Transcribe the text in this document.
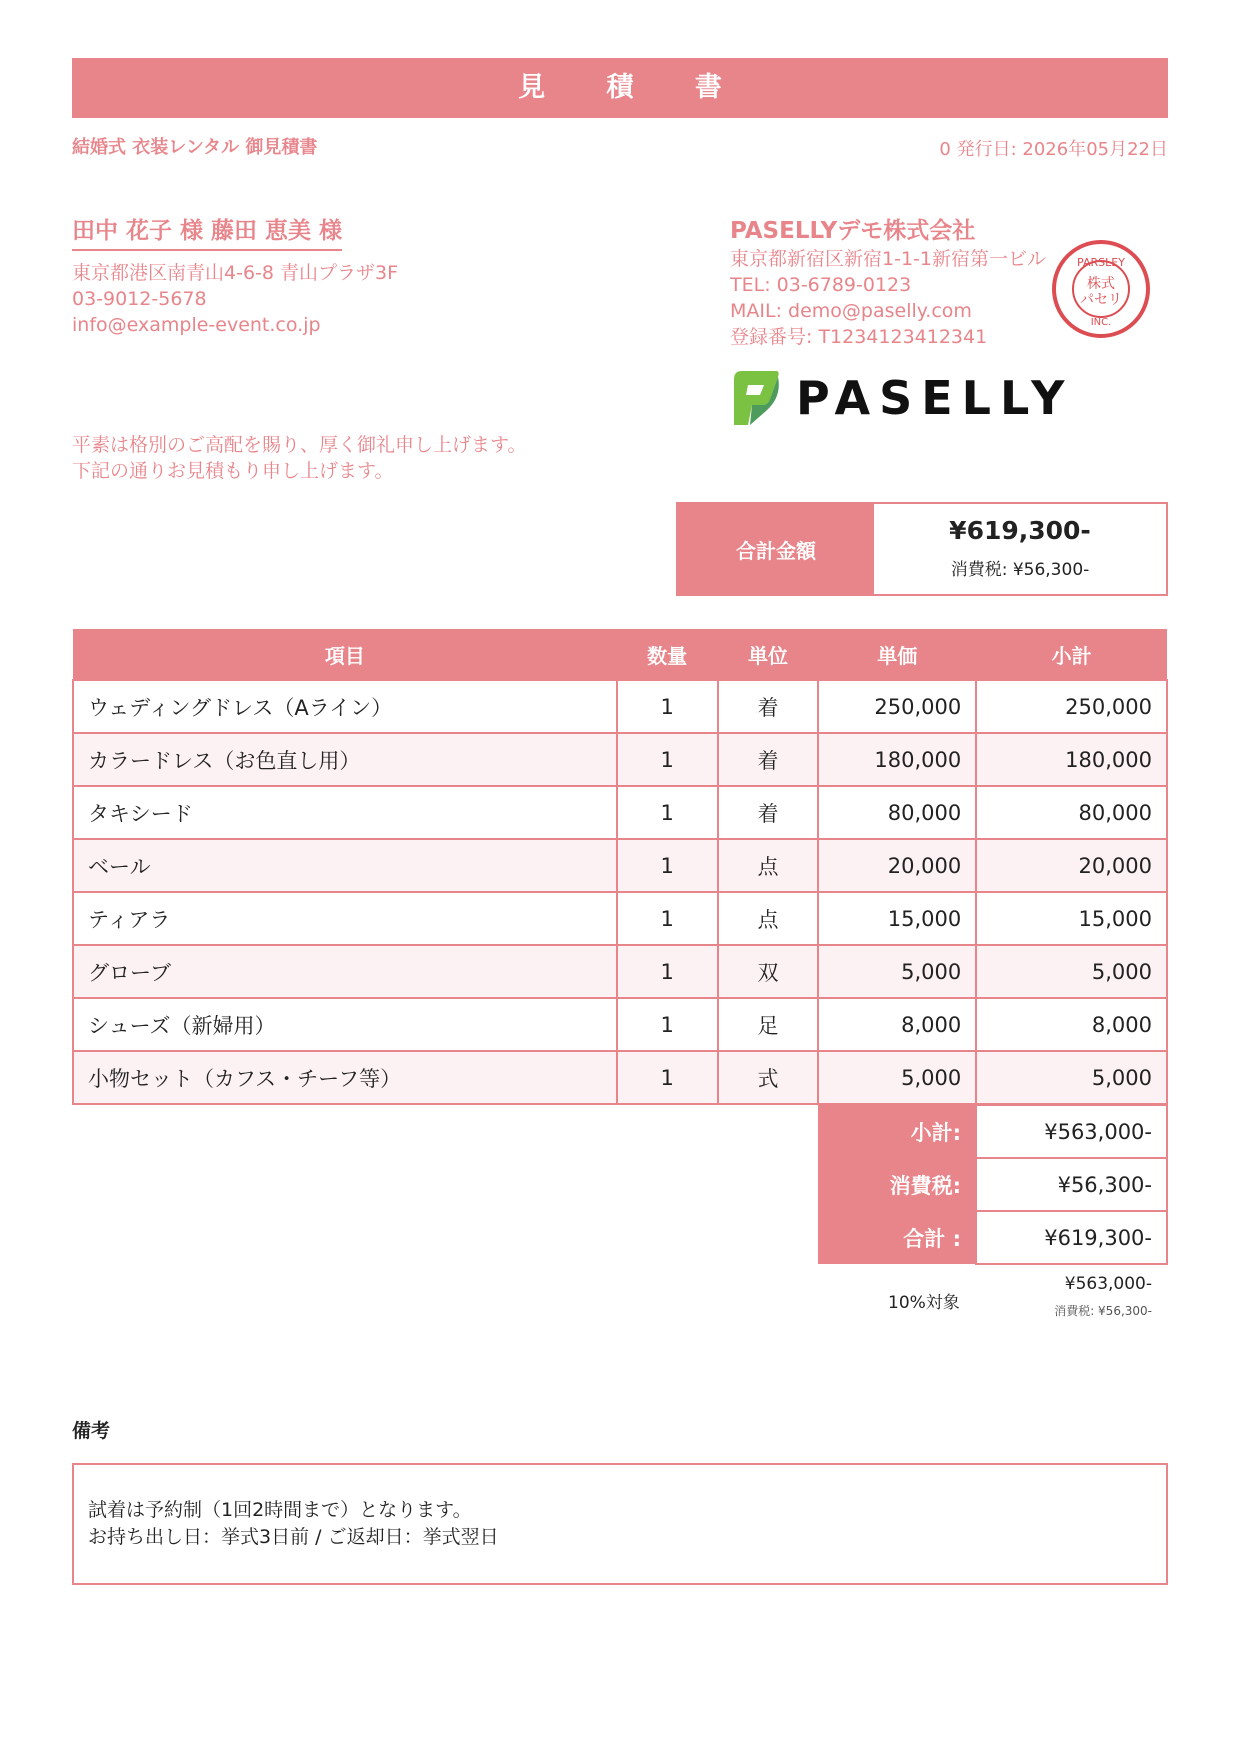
見 積 書
結婚式 衣装レンタル 御見積書	0 発行日: 2026年05月22日
田中 花子 様 藤田 恵美 様
東京都港区南青山4-6-8 青山プラザ3F
03-9012-5678
info@example-event.co.jp
PASELLYデモ株式会社
東京都新宿区新宿1-1-1新宿第一ビル
TEL: 03-6789-0123
MAIL: demo@paselly.com
登録番号: T1234123412341
PARSLEY
株式
パセリ
INC.
PASELLY
平素は格別のご高配を賜り、厚く御礼申し上げます。
下記の通りお見積もり申し上げます。
合計金額
¥619,300-
消費税: ¥56,300-
項目	数量	単位	単価	小計
ウェディングドレス（Aライン）	1	着	250,000	250,000
カラードレス（お色直し用）	1	着	180,000	180,000
タキシード	1	着	80,000	80,000
ベール	1	点	20,000	20,000
ティアラ	1	点	15,000	15,000
グローブ	1	双	5,000	5,000
シューズ（新婦用）	1	足	8,000	8,000
小物セット（カフス・チーフ等）	1	式	5,000	5,000
小計:	¥563,000-
消費税:	¥56,300-
合計 :	¥619,300-
10%対象
¥563,000-
消費税: ¥56,300-
備考
試着は予約制（1回2時間まで）となります。
お持ち出し日：挙式3日前 / ご返却日：挙式翌日
